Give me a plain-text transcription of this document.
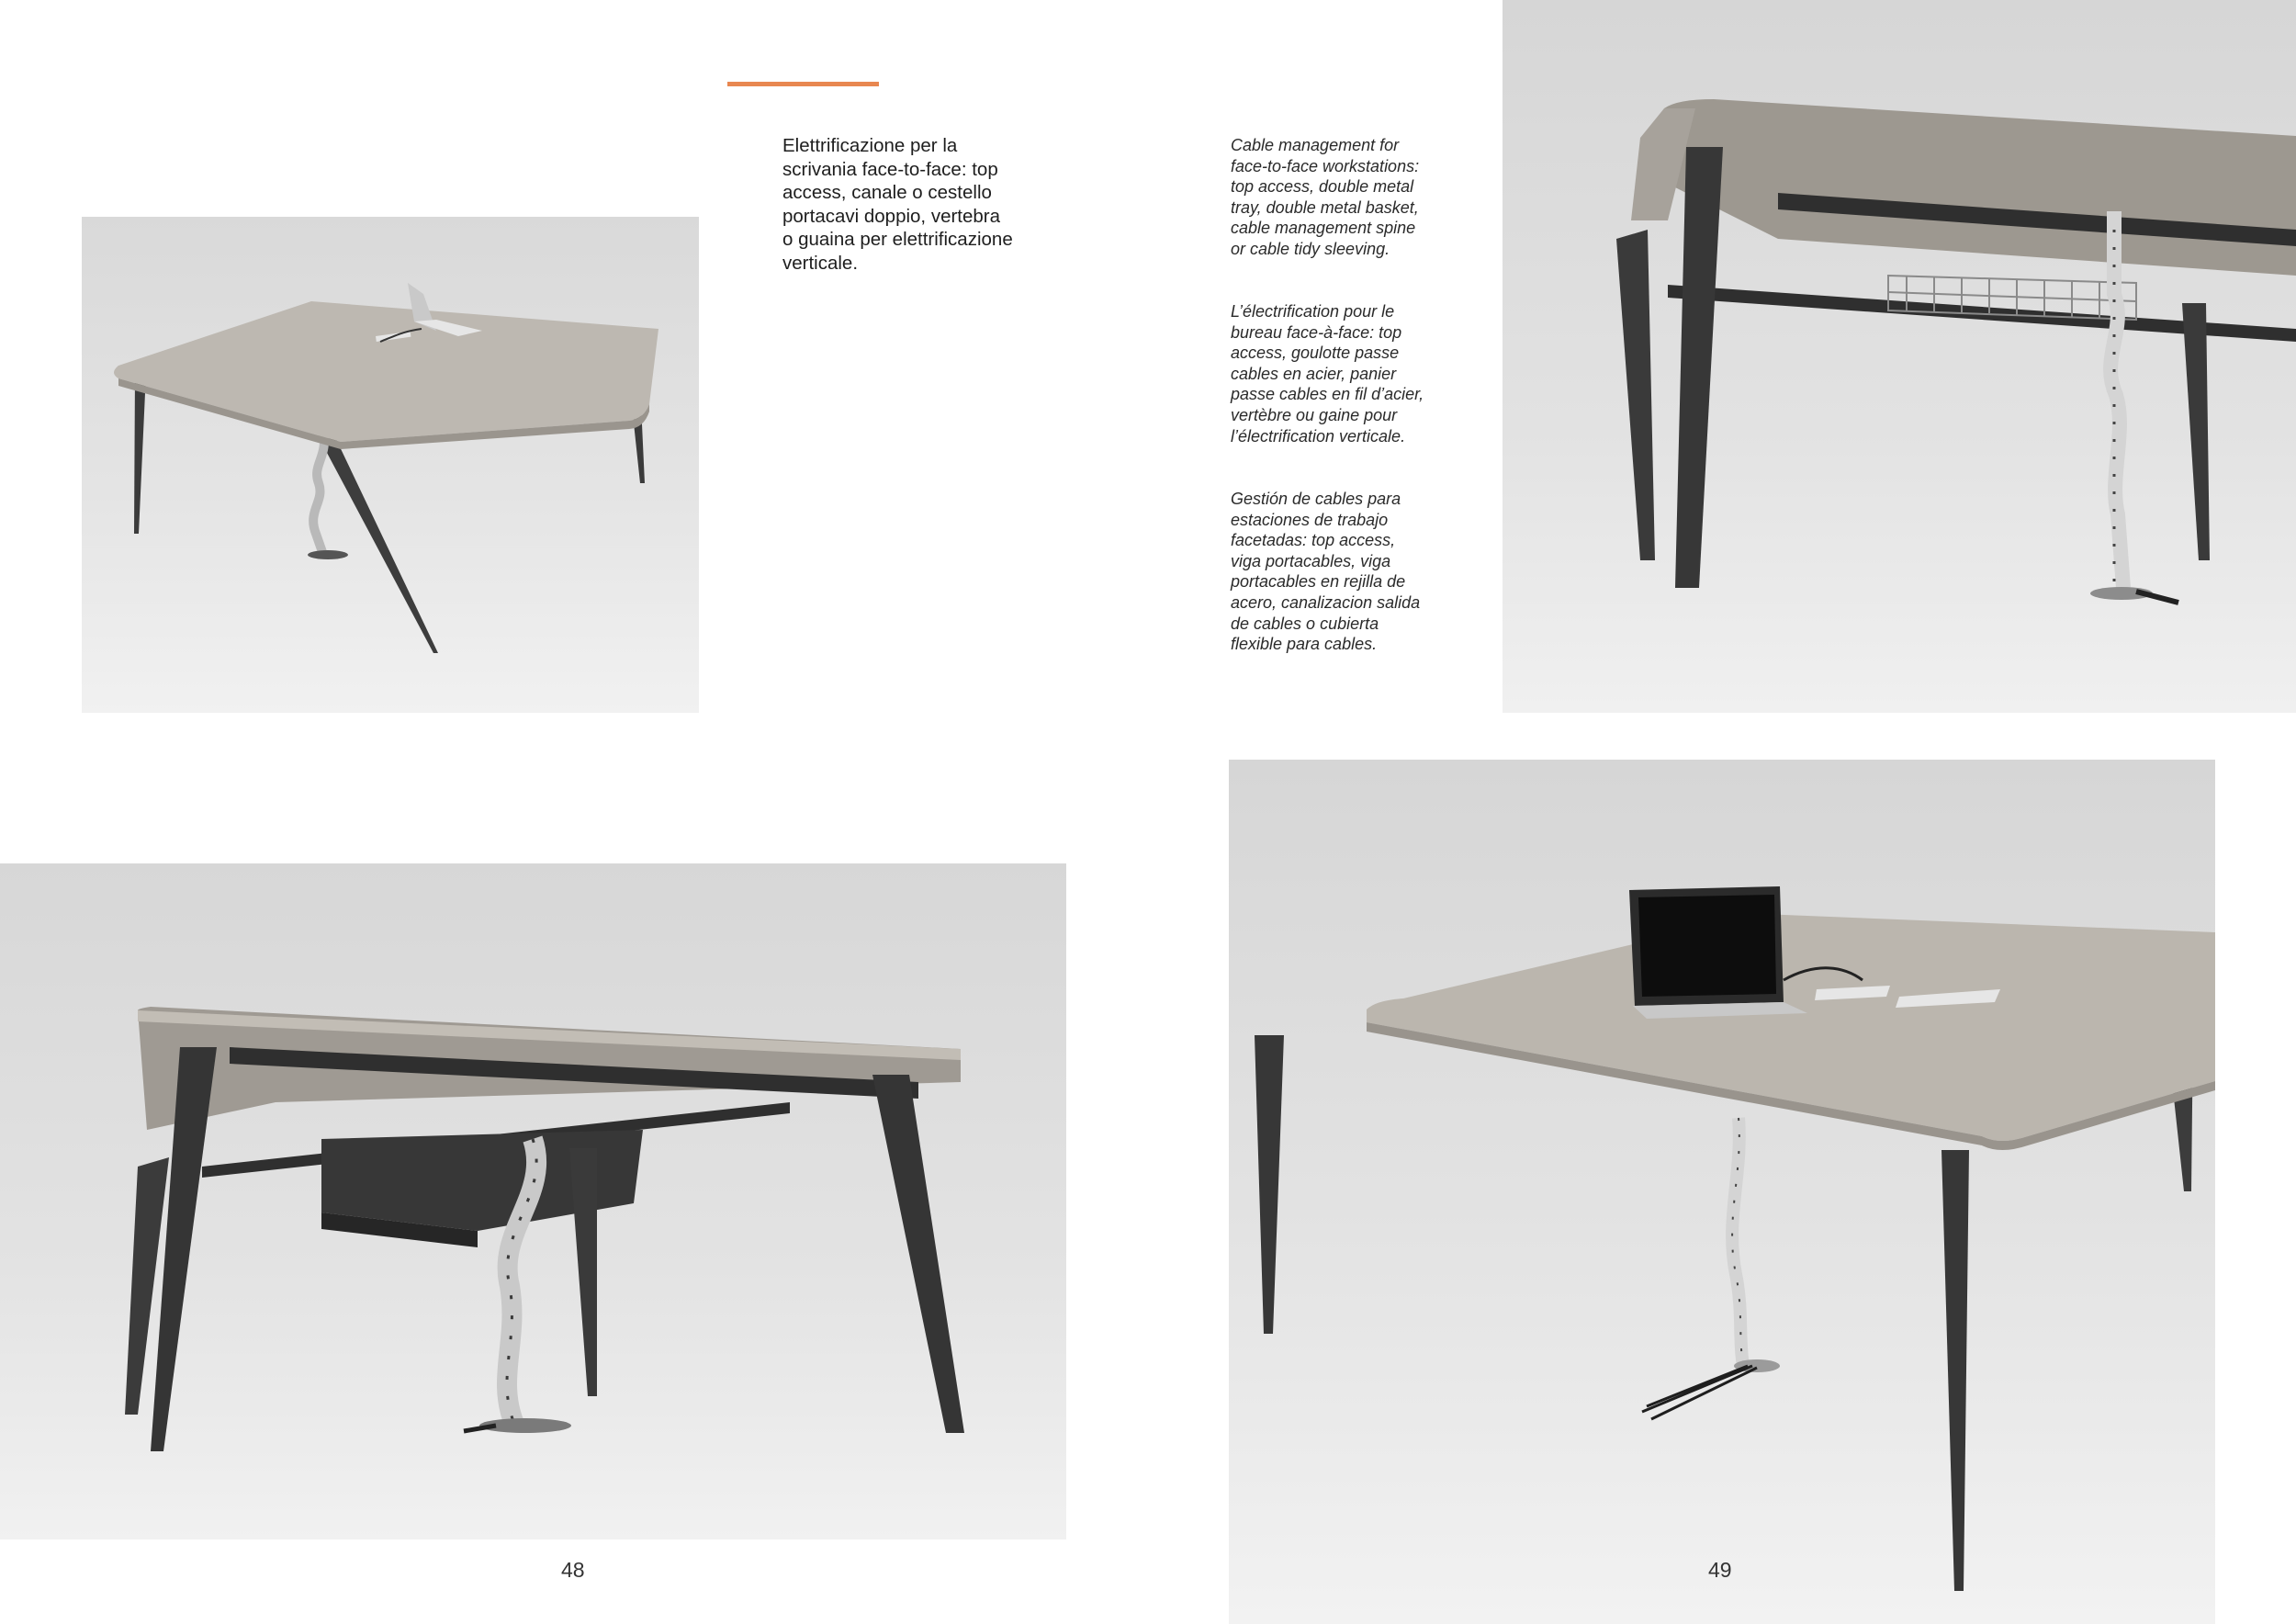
Elettrificazione per la
scrivania face-to-face: top
access, canale o cestello
portacavi doppio, vertebra
o guaina per elettrificazione
verticale.

Cable management for
face-to-face workstations:
top access, double metal
tray, double metal basket,
cable management spine
or cable tidy sleeving.

L’électrification pour le
bureau face-à-face: top
access, goulotte passe
cables en acier, panier
passe cables en fil d’acier,
vertèbre ou gaine pour
l’électrification verticale.

Gestión de cables para
estaciones de trabajo
facetadas: top access,
viga portacables, viga
portacables en rejilla de
acero, canalizacion salida
de cables o cubierta
flexible para cables.

48	49
